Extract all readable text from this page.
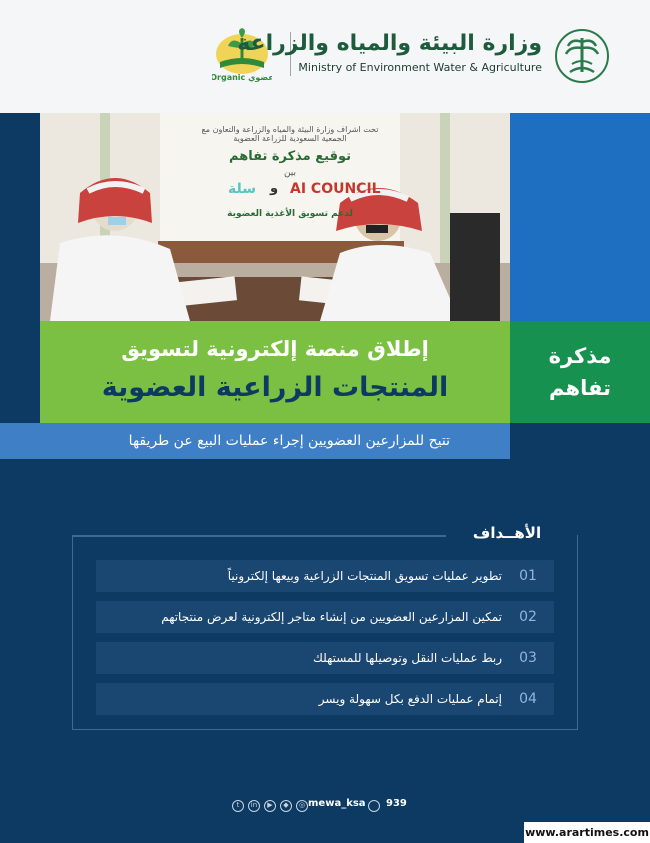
Organic عضوي
وزارة البيئة والمياه والزراعة
Ministry of Environment Water & Agriculture
تحت اشراف وزارة البيئة والمياه والزراعة والتعاون مع الجمعية السعودية للزراعة العضوية
توقيع مذكرة تفاهم
بين
سلة و AI COUNCIL
لدعم تسويق الأغذية العضوية
مذكرة
تفاهم
إطلاق منصة إلكترونية لتسويق
المنتجات الزراعية العضوية
تتيح للمزارعين العضويين إجراء عمليات البيع عن طريقها
الأهــداف
01
تطوير عمليات تسويق المنتجات الزراعية وبيعها إلكترونياً
02
تمكين المزارعين العضويين من إنشاء متاجر إلكترونية لعرض منتجاتهم
03
ربط عمليات النقل وتوصيلها للمستهلك
04
إتمام عمليات الدفع بكل سهولة ويسر
t	in	▶	◆	◎ mewa_ksa 939
www.arartimes.com
